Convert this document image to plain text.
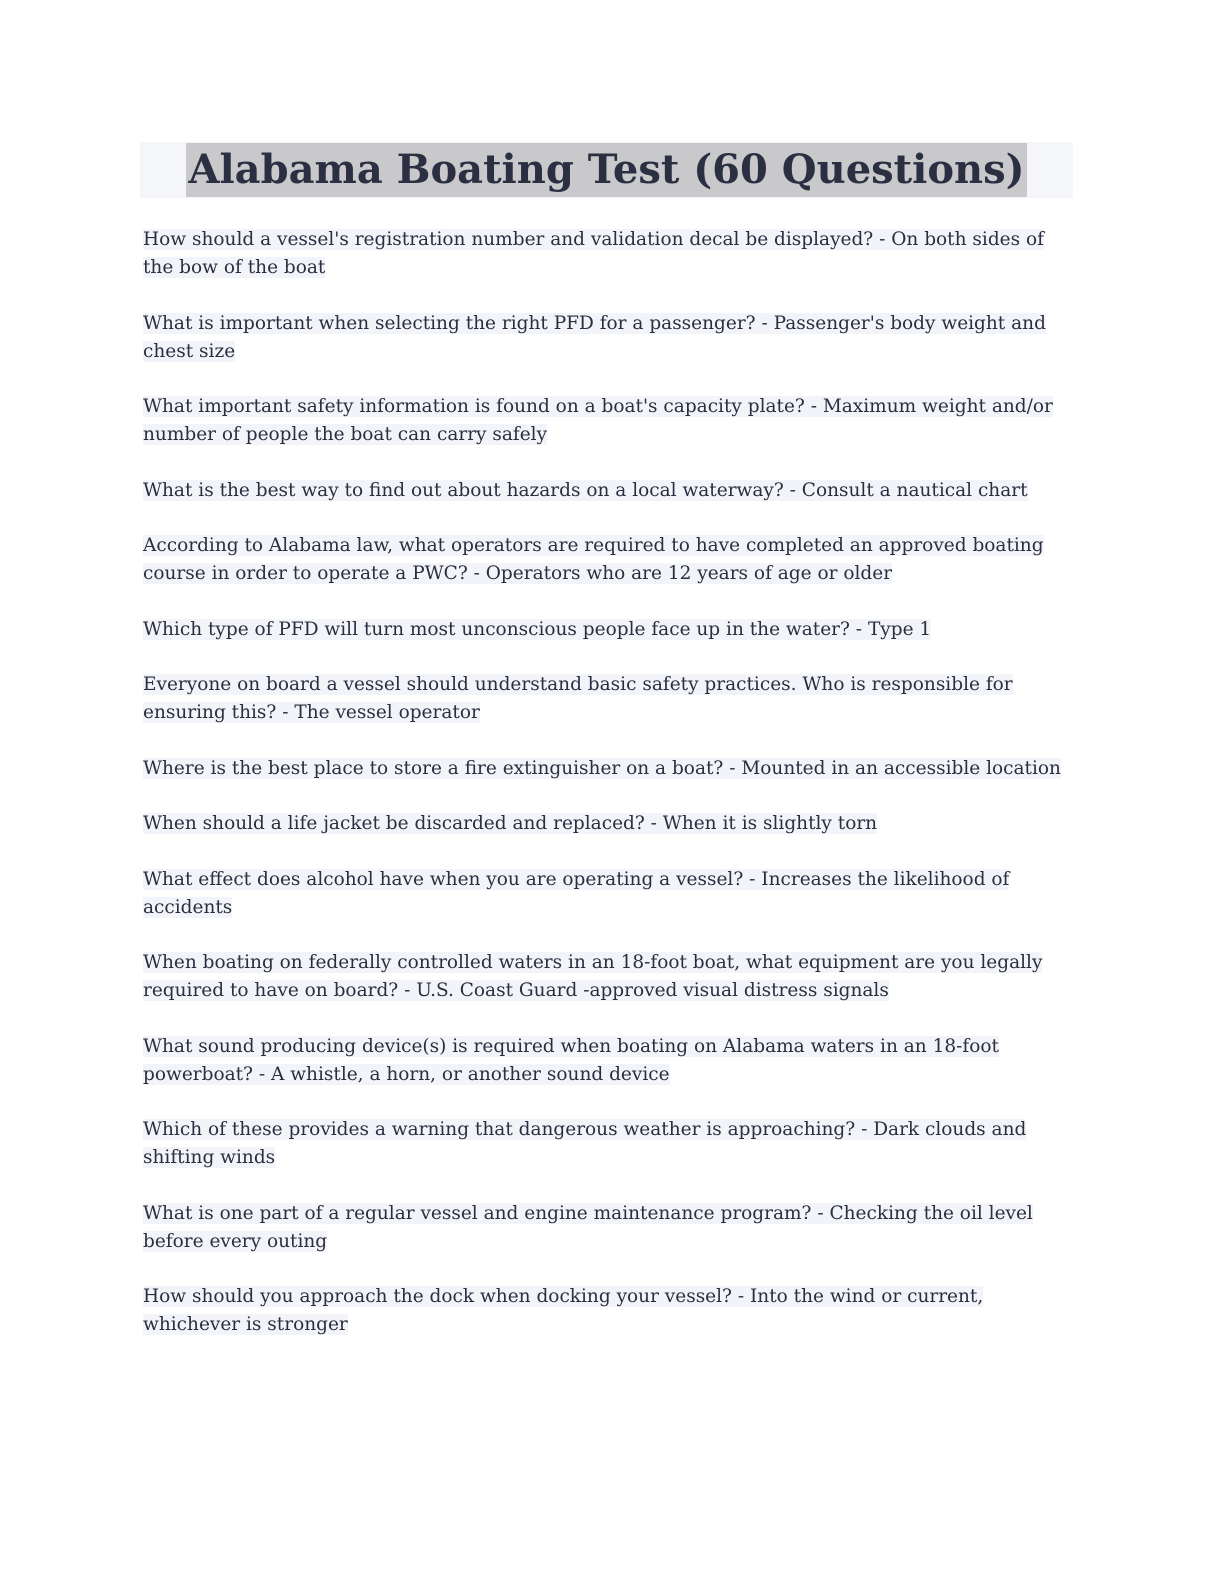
Alabama Boating Test (60 Questions)

How should a vessel's registration number and validation decal be displayed? - On both sides of the bow of the boat

What is important when selecting the right PFD for a passenger? - Passenger's body weight and chest size

What important safety information is found on a boat's capacity plate? - Maximum weight and/or number of people the boat can carry safely

What is the best way to find out about hazards on a local waterway? - Consult a nautical chart

According to Alabama law, what operators are required to have completed an approved boating course in order to operate a PWC? - Operators who are 12 years of age or older

Which type of PFD will turn most unconscious people face up in the water? - Type 1

Everyone on board a vessel should understand basic safety practices. Who is responsible for ensuring this? - The vessel operator

Where is the best place to store a fire extinguisher on a boat? - Mounted in an accessible location

When should a life jacket be discarded and replaced? - When it is slightly torn

What effect does alcohol have when you are operating a vessel? - Increases the likelihood of accidents

When boating on federally controlled waters in an 18-foot boat, what equipment are you legally required to have on board? - U.S. Coast Guard -approved visual distress signals

What sound producing device(s) is required when boating on Alabama waters in an 18-foot powerboat? - A whistle, a horn, or another sound device

Which of these provides a warning that dangerous weather is approaching? - Dark clouds and shifting winds

What is one part of a regular vessel and engine maintenance program? - Checking the oil level before every outing

How should you approach the dock when docking your vessel? - Into the wind or current, whichever is stronger
